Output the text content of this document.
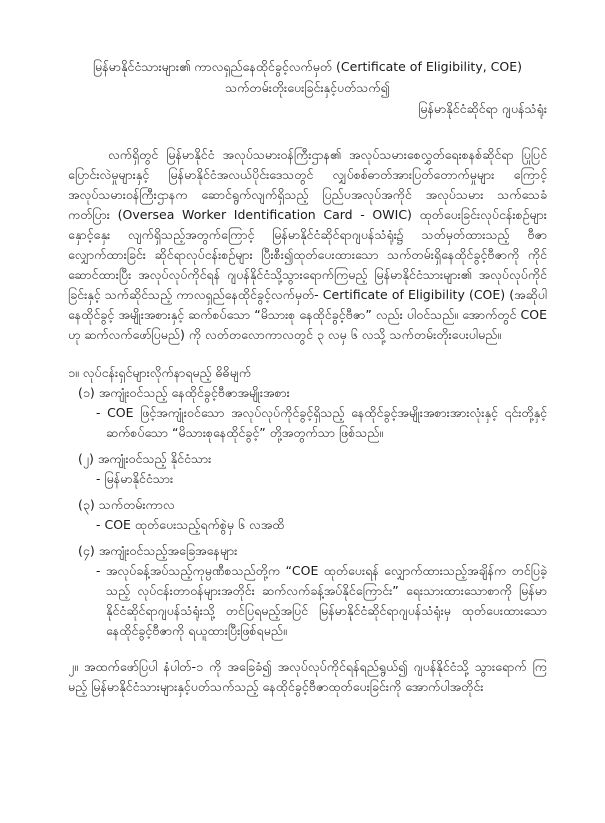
မြန်မာနိုင်ငံသားများ၏ ကာလရှည်နေထိုင်ခွင့်လက်မှတ် (Certificate of Eligibility, COE)

သက်တမ်းတိုးပေးခြင်းနှင့်ပတ်သက်၍

မြန်မာနိုင်ငံဆိုင်ရာ ဂျပန်သံရုံး

လက်ရှိတွင် မြန်မာနိုင်ငံ အလုပ်သမားဝန်ကြီးဌာန၏ အလုပ်သမားစေလွှတ်ရေးစနစ်ဆိုင်ရာ ပြုပြင်ပြောင်းလဲမှုများနှင့် မြန်မာနိုင်ငံအလယ်ပိုင်းဒေသတွင် လျှပ်စစ်ဓာတ်အားပြတ်တောက်မှုများ ကြောင့် အလုပ်သမားဝန်ကြီးဌာနက ဆောင်ရွက်လျက်ရှိသည့် ပြည်ပအလုပ်အကိုင် အလုပ်သမား သက်သေခံကတ်ပြား (Oversea Worker Identification Card - OWIC) ထုတ်ပေးခြင်းလုပ်ငန်းစဉ်များ နှောင့်နှေး လျက်ရှိသည့်အတွက်ကြောင့် မြန်မာနိုင်ငံဆိုင်ရာဂျပန်သံရုံး၌ သတ်မှတ်ထားသည့် ဗီဇာလျှောက်ထားခြင်း ဆိုင်ရာလုပ်ငန်းစဉ်များ ပြီးစီး၍ထုတ်ပေးထားသော သက်တမ်းရှိနေထိုင်ခွင့်ဗီဇာကို ကိုင်ဆောင်ထားပြီး အလုပ်လုပ်ကိုင်ရန် ဂျပန်နိုင်ငံသို့သွားရောက်ကြမည့် မြန်မာနိုင်ငံသားများ၏ အလုပ်လုပ်ကိုင်ခြင်းနှင့် သက်ဆိုင်သည့် ကာလရှည်နေထိုင်ခွင့်လက်မှတ်- Certificate of Eligibility (COE) (အဆိုပါ နေထိုင်ခွင့် အမျိုးအစားနှင့် ဆက်စပ်သော “မိသားစု နေထိုင်ခွင့်ဗီဇာ” လည်း ပါဝင်သည်။ အောက်တွင် COE ဟု ဆက်လက်ဖော်ပြမည်) ကို လတ်တလောကာလတွင် ၃ လမှ ၆ လသို့ သက်တမ်းတိုးပေးပါမည်။

၁။ လုပ်ငန်းရှင်များလိုက်နာရမည့် ဓိဓိမျက်

(၁) အကျုံးဝင်သည့် နေထိုင်ခွင့်ဗီဇာအမျိုးအစား

- COE ဖြင့်အကျုံးဝင်သော အလုပ်လုပ်ကိုင်ခွင့်ရှိသည့် နေထိုင်ခွင့်အမျိုးအစားအားလုံးနှင့် ၎င်းတို့နှင့် ဆက်စပ်သော “မိသားစုနေထိုင်ခွင့်” တို့အတွက်သာ ဖြစ်သည်။

(၂) အကျုံးဝင်သည့် နိုင်ငံသား

- မြန်မာနိုင်ငံသား

(၃) သက်တမ်းကာလ

- COE ထုတ်ပေးသည့်ရက်စွဲမှ ၆ လအထိ

(၄) အကျုံးဝင်သည့်အခြေအနေများ

- အလုပ်ခန့်အပ်သည့်ကုမ္ပဏီစသည်တို့က “COE ထုတ်ပေးရန် လျှောက်ထားသည့်အချိန်က တင်ပြခဲ့ သည့် လုပ်ငန်းတာဝန်များအတိုင်း ဆက်လက်ခန့်အပ်နိုင်ကြောင်း” ရေးသားထားသောစာကို မြန်မာ နိုင်ငံဆိုင်ရာဂျပန်သံရုံးသို့ တင်ပြရမည့်အပြင် မြန်မာနိုင်ငံဆိုင်ရာဂျပန်သံရုံးမှ ထုတ်ပေးထားသော နေထိုင်ခွင့်ဗီဇာကို ရယူထားပြီးဖြစ်ရမည်။

၂။ အထက်ဖော်ပြပါ နံပါတ်-၁ ကို အခြေခံ၍ အလုပ်လုပ်ကိုင်ရန်ရည်ရွယ်၍ ဂျပန်နိုင်ငံသို့ သွားရောက် ကြမည့် မြန်မာနိုင်ငံသားများနှင့်ပတ်သက်သည့် နေထိုင်ခွင့်ဗီဇာထုတ်ပေးခြင်းကို အောက်ပါအတိုင်း
